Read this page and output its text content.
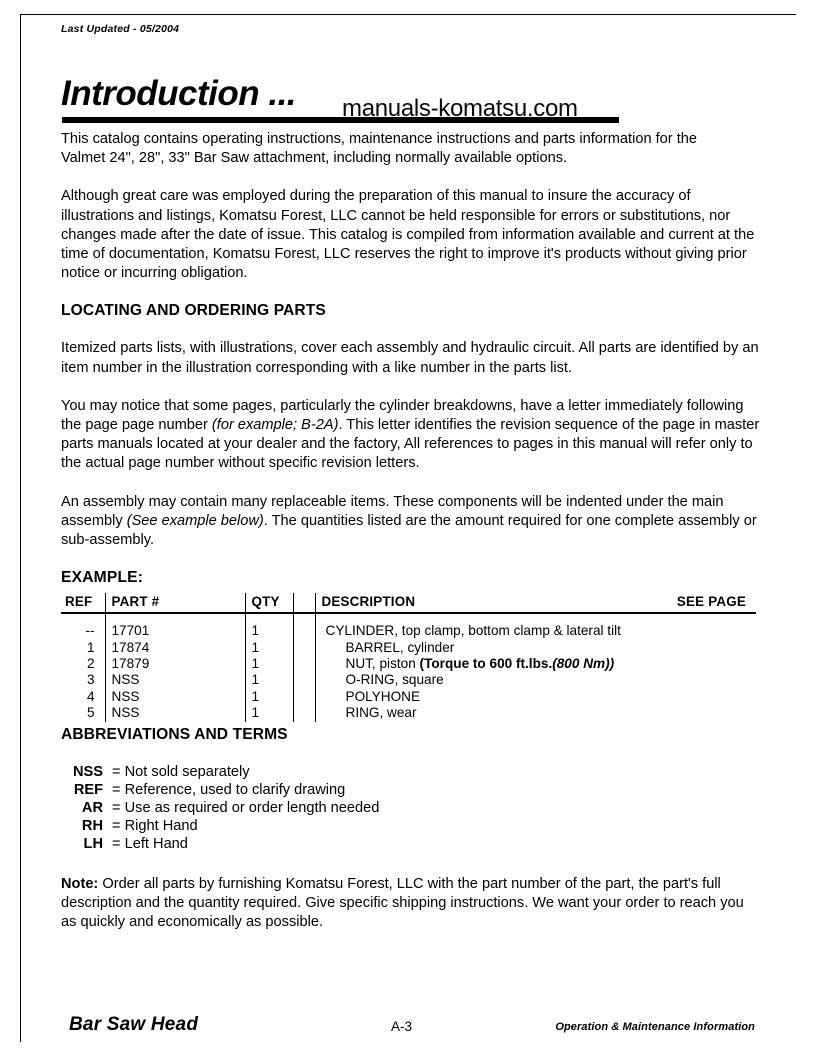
Last Updated - 05/2004
Introduction ... manuals-komatsu.com

This catalog contains operating instructions, maintenance instructions and parts information for the
Valmet 24", 28", 33" Bar Saw attachment, including normally available options.

Although great care was employed during the preparation of this manual to insure the accuracy of illustrations and listings, Komatsu Forest, LLC cannot be held responsible for errors or substitutions, nor changes made after the date of issue. This catalog is compiled from information available and current at the time of documentation, Komatsu Forest, LLC reserves the right to improve it's products without giving prior notice or incurring obligation.

LOCATING AND ORDERING PARTS

Itemized parts lists, with illustrations, cover each assembly and hydraulic circuit. All parts are identified by an item number in the illustration corresponding with a like number in the parts list.

You may notice that some pages, particularly the cylinder breakdowns, have a letter immediately following the page page number (for example; B-2A). This letter identifies the revision sequence of the page in master parts manuals located at your dealer and the factory, All references to pages in this manual will refer only to the actual page number without specific revision letters.

An assembly may contain many replaceable items. These components will be indented under the main assembly (See example below). The quantities listed are the amount required for one complete assembly or sub-assembly.

EXAMPLE:
REF	PART #	QTY		DESCRIPTION SEE PAGE

--	17701	1		CYLINDER, top clamp, bottom clamp & lateral tilt
1	17874	1		BARREL, cylinder
2	17879	1		NUT, piston (Torque to 600 ft.lbs.(800 Nm))
3	NSS	1		O-RING, square
4	NSS	1		POLYHONE
5	NSS	1		RING, wear
ABBREVIATIONS AND TERMS
NSS = Not sold separately
REF = Reference, used to clarify drawing
AR = Use as required or order length needed
RH = Right Hand
LH = Left Hand

Note: Order all parts by furnishing Komatsu Forest, LLC with the part number of the part, the part's full description and the quantity required. Give specific shipping instructions. We want your order to reach you as quickly and economically as possible.

Bar Saw Head	A-3	Operation & Maintenance Information
